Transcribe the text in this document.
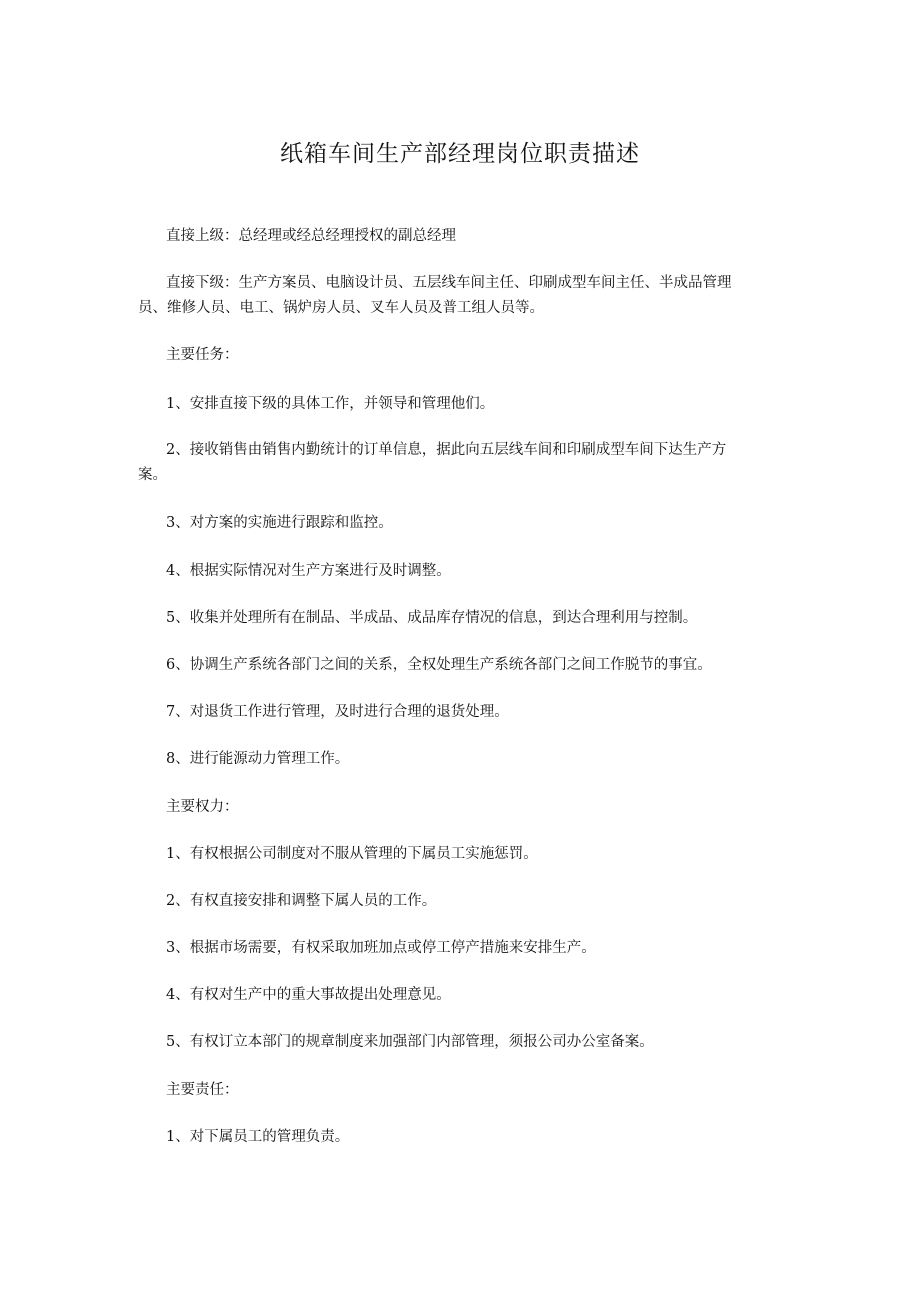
纸箱车间生产部经理岗位职责描述
直接上级：总经理或经总经理授权的副总经理
直接下级：生产方案员、电脑设计员、五层线车间主任、印刷成型车间主任、半成品管理
员、维修人员、电工、锅炉房人员、叉车人员及普工组人员等。
主要任务：
1、安排直接下级的具体工作，并领导和管理他们。
2、接收销售由销售内勤统计的订单信息，据此向五层线车间和印刷成型车间下达生产方
案。
3、对方案的实施进行跟踪和监控。
4、根据实际情况对生产方案进行及时调整。
5、收集并处理所有在制品、半成品、成品库存情况的信息，到达合理利用与控制。
6、协调生产系统各部门之间的关系，全权处理生产系统各部门之间工作脱节的事宜。
7、对退货工作进行管理，及时进行合理的退货处理。
8、进行能源动力管理工作。
主要权力：
1、有权根据公司制度对不服从管理的下属员工实施惩罚。
2、有权直接安排和调整下属人员的工作。
3、根据市场需要，有权采取加班加点或停工停产措施来安排生产。
4、有权对生产中的重大事故提出处理意见。
5、有权订立本部门的规章制度来加强部门内部管理，须报公司办公室备案。
主要责任：
1、对下属员工的管理负责。
